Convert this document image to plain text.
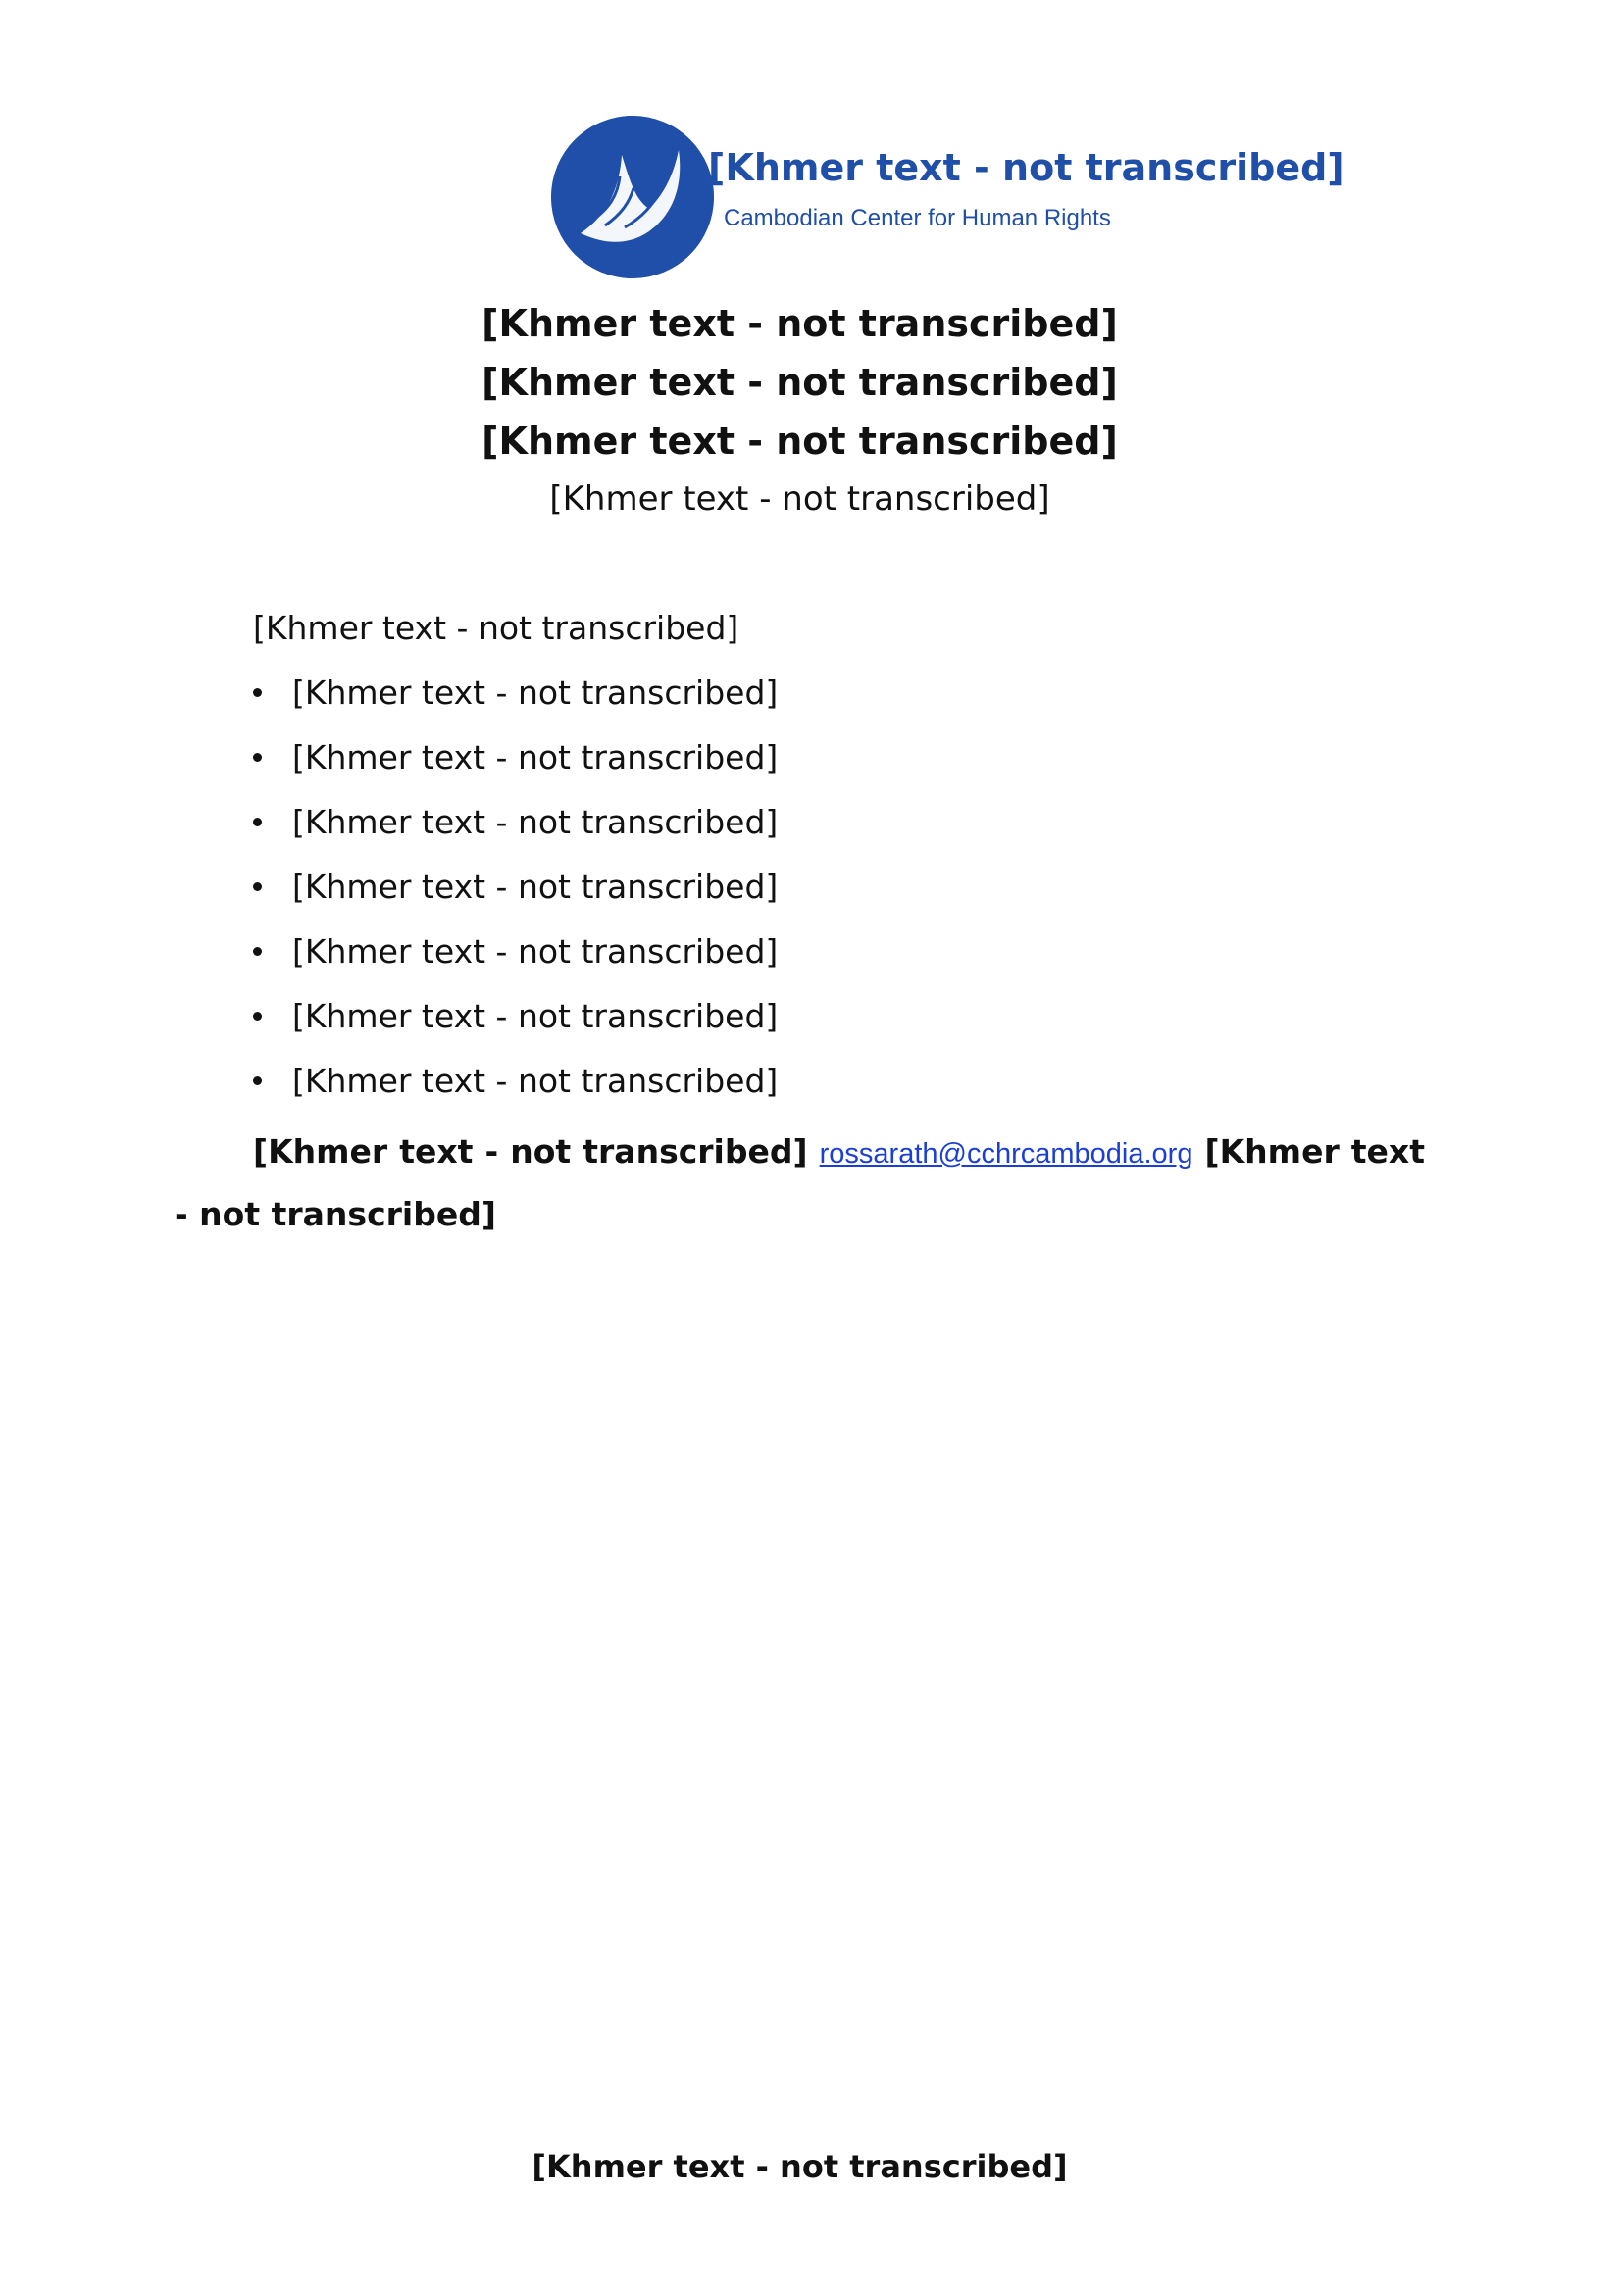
[Khmer text - not transcribed]
Cambodian Center for Human Rights

[Khmer text - not transcribed]

[Khmer text - not transcribed]

[Khmer text - not transcribed]

[Khmer text - not transcribed]

[Khmer text - not transcribed]

[Khmer text - not transcribed]
[Khmer text - not transcribed]
[Khmer text - not transcribed]
[Khmer text - not transcribed]
[Khmer text - not transcribed]
[Khmer text - not transcribed]
[Khmer text - not transcribed]

[Khmer text - not transcribed] rossarath@cchrcambodia.org [Khmer text - not transcribed]

[Khmer text - not transcribed]
